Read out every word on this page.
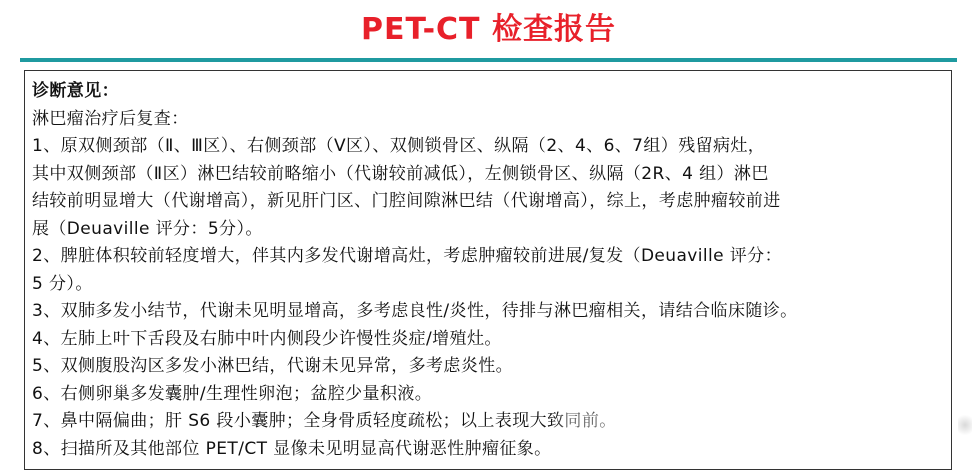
PET-CT 检查报告
诊断意见：
淋巴瘤治疗后复查：
1、原双侧颈部（Ⅱ、Ⅲ区）、右侧颈部（Ⅴ区）、双侧锁骨区、纵隔（2、4、6、7组）残留病灶，
其中双侧颈部（Ⅱ区）淋巴结较前略缩小（代谢较前减低），左侧锁骨区、纵隔（2R、4 组）淋巴
结较前明显增大（代谢增高），新见肝门区、门腔间隙淋巴结（代谢增高），综上，考虑肿瘤较前进
展（Deuaville 评分：5分）。
2、脾脏体积较前轻度增大，伴其内多发代谢增高灶，考虑肿瘤较前进展/复发（Deuaville 评分：
5 分）。
3、双肺多发小结节，代谢未见明显增高，多考虑良性/炎性，待排与淋巴瘤相关，请结合临床随诊。
4、左肺上叶下舌段及右肺中叶内侧段少许慢性炎症/增殖灶。
5、双侧腹股沟区多发小淋巴结，代谢未见异常，多考虑炎性。
6、右侧卵巢多发囊肿/生理性卵泡；盆腔少量积液。
7、鼻中隔偏曲；肝 S6 段小囊肿；全身骨质轻度疏松；以上表现大致同前。
8、扫描所及其他部位 PET/CT 显像未见明显高代谢恶性肿瘤征象。
